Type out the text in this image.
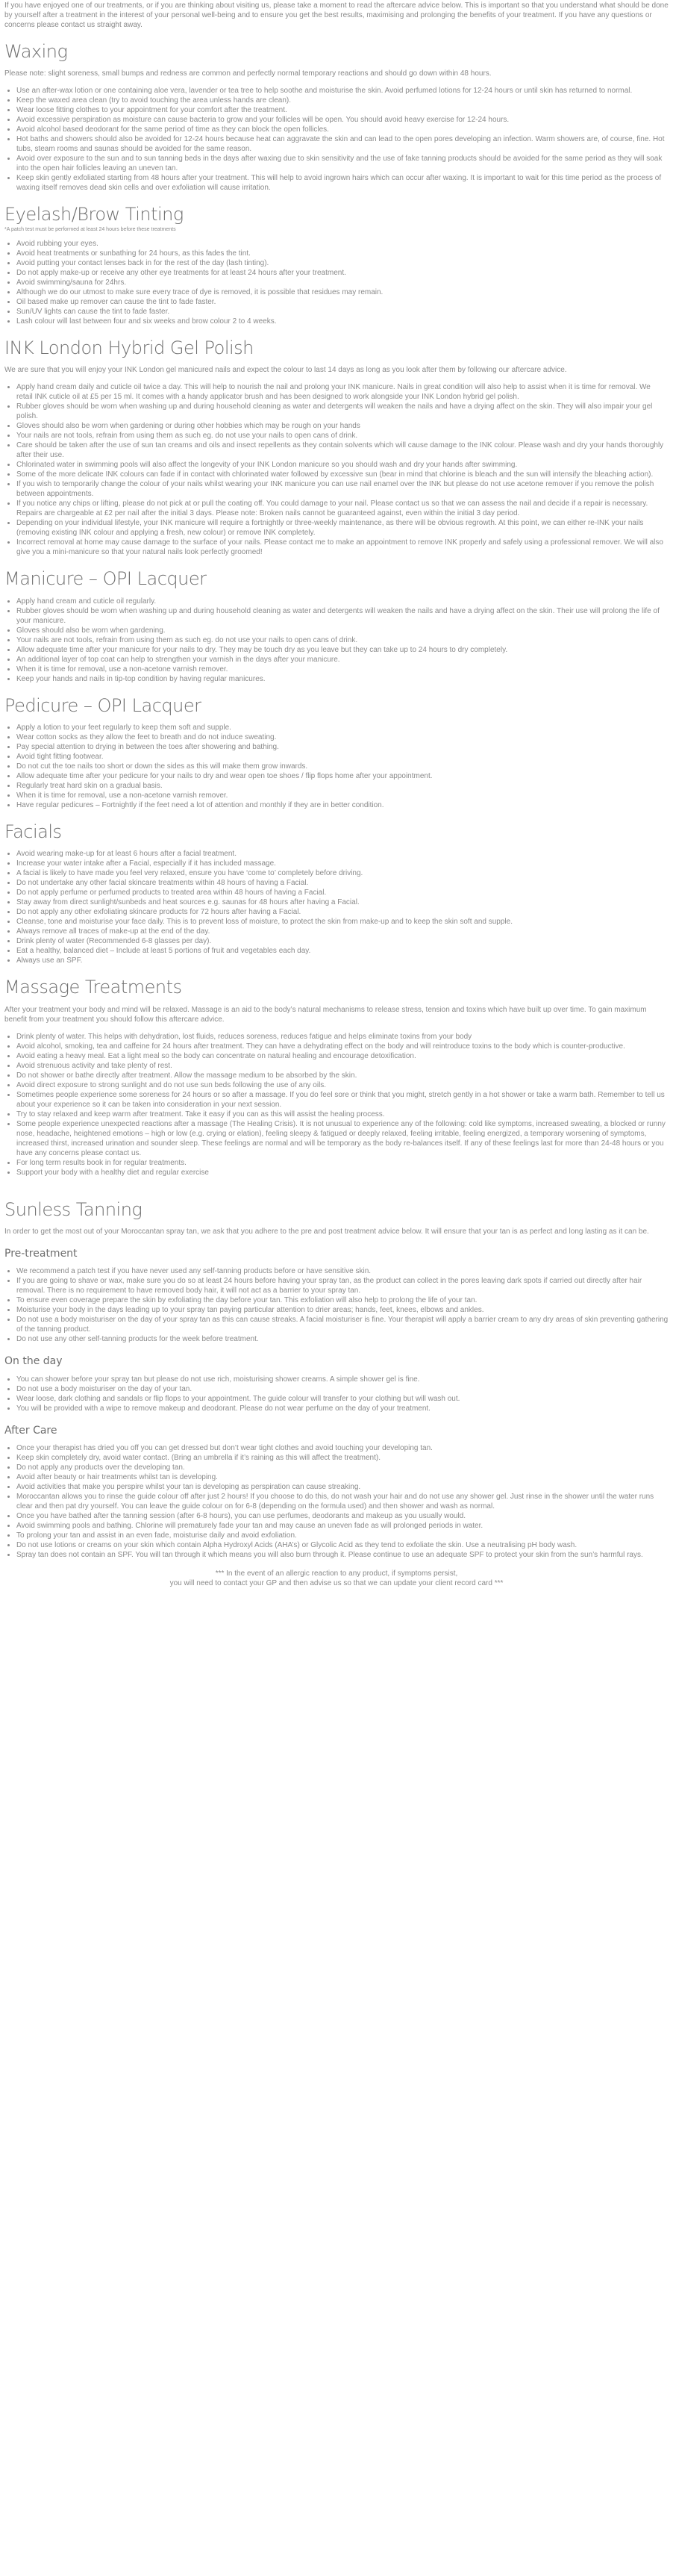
If you have enjoyed one of our treatments, or if you are thinking about visiting us, please take a moment to read the aftercare advice below. This is important so that you understand what should be done by yourself after a treatment in the interest of your personal well-being and to ensure you get the best results, maximising and prolonging the benefits of your treatment. If you have any questions or concerns please contact us straight away.

Waxing

Please note: slight soreness, small bumps and redness are common and perfectly normal temporary reactions and should go down within 48 hours.

• Use an after-wax lotion or one containing aloe vera, lavender or tea tree to help soothe and moisturise the skin. Avoid perfumed lotions for 12-24 hours or until skin has returned to normal.
• Keep the waxed area clean (try to avoid touching the area unless hands are clean).
• Wear loose fitting clothes to your appointment for your comfort after the treatment.
• Avoid excessive perspiration as moisture can cause bacteria to grow and your follicles will be open. You should avoid heavy exercise for 12-24 hours.
• Avoid alcohol based deodorant for the same period of time as they can block the open follicles.
• Hot baths and showers should also be avoided for 12-24 hours because heat can aggravate the skin and can lead to the open pores developing an infection. Warm showers are, of course, fine. Hot tubs, steam rooms and saunas should be avoided for the same reason.
• Avoid over exposure to the sun and to sun tanning beds in the days after waxing due to skin sensitivity and the use of fake tanning products should be avoided for the same period as they will soak into the open hair follicles leaving an uneven tan.
• Keep skin gently exfoliated starting from 48 hours after your treatment. This will help to avoid ingrown hairs which can occur after waxing. It is important to wait for this time period as the process of waxing itself removes dead skin cells and over exfoliation will cause irritation.
Eyelash/Brow Tinting

*A patch test must be performed at least 24 hours before these treatments

• Avoid rubbing your eyes.
• Avoid heat treatments or sunbathing for 24 hours, as this fades the tint.
• Avoid putting your contact lenses back in for the rest of the day (lash tinting).
• Do not apply make-up or receive any other eye treatments for at least 24 hours after your treatment.
• Avoid swimming/sauna for 24hrs.
• Although we do our utmost to make sure every trace of dye is removed, it is possible that residues may remain.
• Oil based make up remover can cause the tint to fade faster.
• Sun/UV lights can cause the tint to fade faster.
• Lash colour will last between four and six weeks and brow colour 2 to 4 weeks.
INK London Hybrid Gel Polish

We are sure that you will enjoy your INK London gel manicured nails and expect the colour to last 14 days as long as you look after them by following our aftercare advice.

• Apply hand cream daily and cuticle oil twice a day. This will help to nourish the nail and prolong your INK manicure. Nails in great condition will also help to assist when it is time for removal. We retail INK cuticle oil at £5 per 15 ml. It comes with a handy applicator brush and has been designed to work alongside your INK London hybrid gel polish.
• Rubber gloves should be worn when washing up and during household cleaning as water and detergents will weaken the nails and have a drying affect on the skin. They will also impair your gel polish.
• Gloves should also be worn when gardening or during other hobbies which may be rough on your hands
• Your nails are not tools, refrain from using them as such eg. do not use your nails to open cans of drink.
• Care should be taken after the use of sun tan creams and oils and insect repellents as they contain solvents which will cause damage to the INK colour. Please wash and dry your hands thoroughly after their use.
• Chlorinated water in swimming pools will also affect the longevity of your INK London manicure so you should wash and dry your hands after swimming.
• Some of the more delicate INK colours can fade if in contact with chlorinated water followed by excessive sun (bear in mind that chlorine is bleach and the sun will intensify the bleaching action).
• If you wish to temporarily change the colour of your nails whilst wearing your INK manicure you can use nail enamel over the INK but please do not use acetone remover if you remove the polish between appointments.
• If you notice any chips or lifting, please do not pick at or pull the coating off. You could damage to your nail. Please contact us so that we can assess the nail and decide if a repair is necessary. Repairs are chargeable at £2 per nail after the initial 3 days. Please note: Broken nails cannot be guaranteed against, even within the initial 3 day period.
• Depending on your individual lifestyle, your INK manicure will require a fortnightly or three-weekly maintenance, as there will be obvious regrowth. At this point, we can either re-INK your nails (removing existing INK colour and applying a fresh, new colour) or remove INK completely.
• Incorrect removal at home may cause damage to the surface of your nails. Please contact me to make an appointment to remove INK properly and safely using a professional remover. We will also give you a mini-manicure so that your natural nails look perfectly groomed!
Manicure – OPI Lacquer
• Apply hand cream and cuticle oil regularly.
• Rubber gloves should be worn when washing up and during household cleaning as water and detergents will weaken the nails and have a drying affect on the skin. Their use will prolong the life of your manicure.
• Gloves should also be worn when gardening.
• Your nails are not tools, refrain from using them as such eg. do not use your nails to open cans of drink.
• Allow adequate time after your manicure for your nails to dry. They may be touch dry as you leave but they can take up to 24 hours to dry completely.
• An additional layer of top coat can help to strengthen your varnish in the days after your manicure.
• When it is time for removal, use a non-acetone varnish remover.
• Keep your hands and nails in tip-top condition by having regular manicures.
Pedicure – OPI Lacquer
• Apply a lotion to your feet regularly to keep them soft and supple.
• Wear cotton socks as they allow the feet to breath and do not induce sweating.
• Pay special attention to drying in between the toes after showering and bathing.
• Avoid tight fitting footwear.
• Do not cut the toe nails too short or down the sides as this will make them grow inwards.
• Allow adequate time after your pedicure for your nails to dry and wear open toe shoes / flip flops home after your appointment.
• Regularly treat hard skin on a gradual basis.
• When it is time for removal, use a non-acetone varnish remover.
• Have regular pedicures – Fortnightly if the feet need a lot of attention and monthly if they are in better condition.
Facials
• Avoid wearing make-up for at least 6 hours after a facial treatment.
• Increase your water intake after a Facial, especially if it has included massage.
• A facial is likely to have made you feel very relaxed, ensure you have ‘come to’ completely before driving.
• Do not undertake any other facial skincare treatments within 48 hours of having a Facial.
• Do not apply perfume or perfumed products to treated area within 48 hours of having a Facial.
• Stay away from direct sunlight/sunbeds and heat sources e.g. saunas for 48 hours after having a Facial.
• Do not apply any other exfoliating skincare products for 72 hours after having a Facial.
• Cleanse, tone and moisturise your face daily. This is to prevent loss of moisture, to protect the skin from make-up and to keep the skin soft and supple.
• Always remove all traces of make-up at the end of the day.
• Drink plenty of water (Recommended 6-8 glasses per day).
• Eat a healthy, balanced diet – Include at least 5 portions of fruit and vegetables each day.
• Always use an SPF.
Massage Treatments

After your treatment your body and mind will be relaxed. Massage is an aid to the body’s natural mechanisms to release stress, tension and toxins which have built up over time. To gain maximum benefit from your treatment you should follow this aftercare advice.

• Drink plenty of water. This helps with dehydration, lost fluids, reduces soreness, reduces fatigue and helps eliminate toxins from your body
• Avoid alcohol, smoking, tea and caffeine for 24 hours after treatment. They can have a dehydrating effect on the body and will reintroduce toxins to the body which is counter-productive.
• Avoid eating a heavy meal. Eat a light meal so the body can concentrate on natural healing and encourage detoxification.
• Avoid strenuous activity and take plenty of rest.
• Do not shower or bathe directly after treatment. Allow the massage medium to be absorbed by the skin.
• Avoid direct exposure to strong sunlight and do not use sun beds following the use of any oils.
• Sometimes people experience some soreness for 24 hours or so after a massage. If you do feel sore or think that you might, stretch gently in a hot shower or take a warm bath. Remember to tell us about your experience so it can be taken into consideration in your next session.
• Try to stay relaxed and keep warm after treatment. Take it easy if you can as this will assist the healing process.
• Some people experience unexpected reactions after a massage (The Healing Crisis). It is not unusual to experience any of the following: cold like symptoms, increased sweating, a blocked or runny nose, headache, heightened emotions – high or low (e.g. crying or elation), feeling sleepy & fatigued or deeply relaxed, feeling irritable, feeling energized, a temporary worsening of symptoms, increased thirst, increased urination and sounder sleep. These feelings are normal and will be temporary as the body re-balances itself. If any of these feelings last for more than 24-48 hours or you have any concerns please contact us.
• For long term results book in for regular treatments.
• Support your body with a healthy diet and regular exercise
Sunless Tanning

In order to get the most out of your Moroccantan spray tan, we ask that you adhere to the pre and post treatment advice below. It will ensure that your tan is as perfect and long lasting as it can be.

Pre-treatment
• We recommend a patch test if you have never used any self-tanning products before or have sensitive skin.
• If you are going to shave or wax, make sure you do so at least 24 hours before having your spray tan, as the product can collect in the pores leaving dark spots if carried out directly after hair removal. There is no requirement to have removed body hair, it will not act as a barrier to your spray tan.
• To ensure even coverage prepare the skin by exfoliating the day before your tan. This exfoliation will also help to prolong the life of your tan.
• Moisturise your body in the days leading up to your spray tan paying particular attention to drier areas; hands, feet, knees, elbows and ankles.
• Do not use a body moisturiser on the day of your spray tan as this can cause streaks. A facial moisturiser is fine. Your therapist will apply a barrier cream to any dry areas of skin preventing gathering of the tanning product.
• Do not use any other self-tanning products for the week before treatment.
On the day
• You can shower before your spray tan but please do not use rich, moisturising shower creams. A simple shower gel is fine.
• Do not use a body moisturiser on the day of your tan.
• Wear loose, dark clothing and sandals or flip flops to your appointment. The guide colour will transfer to your clothing but will wash out.
• You will be provided with a wipe to remove makeup and deodorant. Please do not wear perfume on the day of your treatment.
After Care
• Once your therapist has dried you off you can get dressed but don’t wear tight clothes and avoid touching your developing tan.
• Keep skin completely dry, avoid water contact. (Bring an umbrella if it’s raining as this will affect the treatment).
• Do not apply any products over the developing tan.
• Avoid after beauty or hair treatments whilst tan is developing.
• Avoid activities that make you perspire whilst your tan is developing as perspiration can cause streaking.
• Moroccantan allows you to rinse the guide colour off after just 2 hours! If you choose to do this, do not wash your hair and do not use any shower gel. Just rinse in the shower until the water runs clear and then pat dry yourself. You can leave the guide colour on for 6-8 (depending on the formula used) and then shower and wash as normal.
• Once you have bathed after the tanning session (after 6-8 hours), you can use perfumes, deodorants and makeup as you usually would.
• Avoid swimming pools and bathing. Chlorine will prematurely fade your tan and may cause an uneven fade as will prolonged periods in water.
• To prolong your tan and assist in an even fade, moisturise daily and avoid exfoliation.
• Do not use lotions or creams on your skin which contain Alpha Hydroxyl Acids (AHA’s) or Glycolic Acid as they tend to exfoliate the skin. Use a neutralising pH body wash.
• Spray tan does not contain an SPF. You will tan through it which means you will also burn through it. Please continue to use an adequate SPF to protect your skin from the sun’s harmful rays.
*** In the event of an allergic reaction to any product, if symptoms persist,
you will need to contact your GP and then advise us so that we can update your client record card ***
